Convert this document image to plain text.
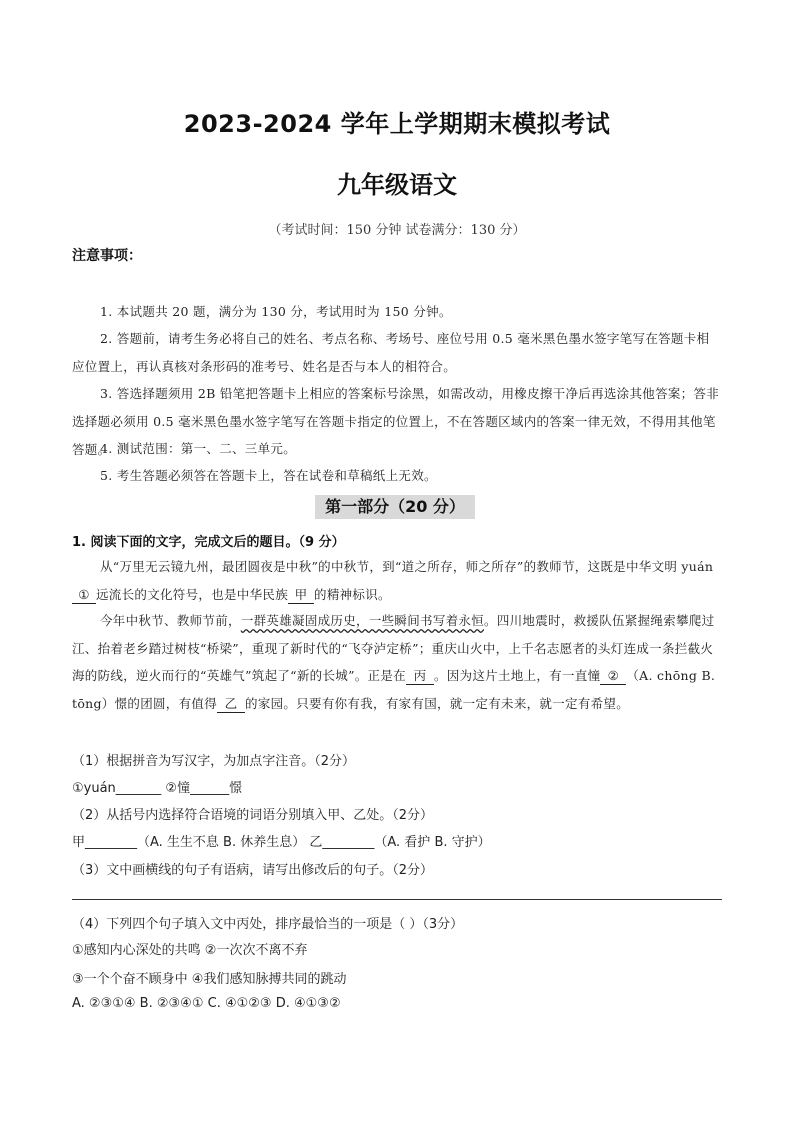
2023-2024 学年上学期期末模拟考试
九年级语文
（考试时间：150 分钟 试卷满分：130 分）
注意事项：
1. 本试题共 20 题，满分为 130 分，考试用时为 150 分钟。
2. 答题前，请考生务必将自己的姓名、考点名称、考场号、座位号用 0.5 毫米黑色墨水签字笔写在答题卡相应位置上，再认真核对条形码的准考号、姓名是否与本人的相符合。
3. 答选择题须用 2B 铅笔把答题卡上相应的答案标号涂黑，如需改动，用橡皮擦干净后再选涂其他答案；答非选择题必须用 0.5 毫米黑色墨水签字笔写在答题卡指定的位置上，不在答题区域内的答案一律无效，不得用其他笔答题。
4. 测试范围：第一、二、三单元。
5. 考生答题必须答在答题卡上，答在试卷和草稿纸上无效。
第一部分（20 分）
1. 阅读下面的文字，完成文后的题目。（9 分）
从“万里无云镜九州，最团圆夜是中秋”的中秋节，到“道之所存，师之所存”的教师节，这既是中华文明 yuán① 远流长的文化符号，也是中华民族 甲 的精神标识。
今年中秋节、教师节前，一群英雄凝固成历史，一些瞬间书写着永恒。四川地震时，救援队伍紧握绳索攀爬过江、抬着老乡踏过树枝“桥梁”，重现了新时代的“飞夺泸定桥”；重庆山火中，上千名志愿者的头灯连成一条拦截火海的防线，逆火而行的“英雄气”筑起了“新的长城”。正是在 丙 。因为这片土地上，有一直憧 ② （A. chōng B. tōng）憬的团圆，有值得 乙 的家园。只要有你有我，有家有国，就一定有未来，就一定有希望。
（1）根据拼音为写汉字，为加点字注音。（2分）
①yuán_______ ②憧______憬
（2）从括号内选择符合语境的词语分别填入甲、乙处。（2分）
甲________（A. 生生不息 B. 休养生息） 乙________（A. 看护 B. 守护）
（3）文中画横线的句子有语病，请写出修改后的句子。（2分）
（4）下列四个句子填入文中丙处，排序最恰当的一项是（ ）（3分）
①感知内心深处的共鸣 ②一次次不离不弃
③一个个奋不顾身中 ④我们感知脉搏共同的跳动
A. ②③①④ B. ②③④① C. ④①②③ D. ④①③②
